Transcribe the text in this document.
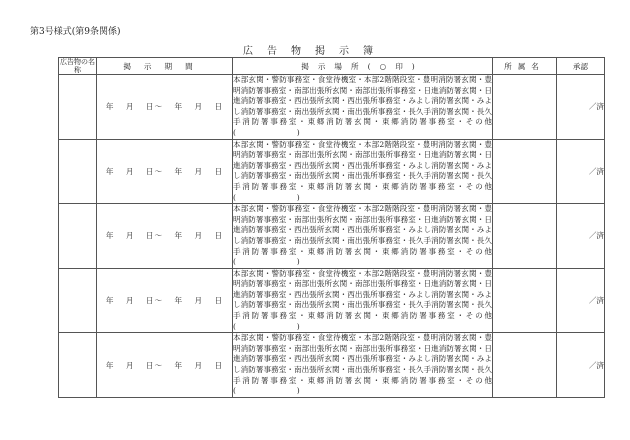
第3号様式(第9条関係)
広告物掲示簿
広告物の名称	掲示期間	掲示場所(○印)	所属名	承認
	年 月 日〜 年 月 日	本部玄関・警防事務室・食堂待機室・本部2階階段室・豊明消防署玄関・豊明消防署事務室・南部出張所玄関・南部出張所事務室・日進消防署玄関・日進消防署事務室・西出張所玄関・西出張所事務室・みよし消防署玄関・みよし消防署事務室・南出張所玄関・南出張所事務室・長久手消防署玄関・長久手消防署事務室・東郷消防署玄関・東郷消防署事務室・その他(　　　　　　　　)		／済
	年 月 日〜 年 月 日	本部玄関・警防事務室・食堂待機室・本部2階階段室・豊明消防署玄関・豊明消防署事務室・南部出張所玄関・南部出張所事務室・日進消防署玄関・日進消防署事務室・西出張所玄関・西出張所事務室・みよし消防署玄関・みよし消防署事務室・南出張所玄関・南出張所事務室・長久手消防署玄関・長久手消防署事務室・東郷消防署玄関・東郷消防署事務室・その他(　　　　　　　　)		／済
	年 月 日〜 年 月 日	本部玄関・警防事務室・食堂待機室・本部2階階段室・豊明消防署玄関・豊明消防署事務室・南部出張所玄関・南部出張所事務室・日進消防署玄関・日進消防署事務室・西出張所玄関・西出張所事務室・みよし消防署玄関・みよし消防署事務室・南出張所玄関・南出張所事務室・長久手消防署玄関・長久手消防署事務室・東郷消防署玄関・東郷消防署事務室・その他(　　　　　　　　)		／済
	年 月 日〜 年 月 日	本部玄関・警防事務室・食堂待機室・本部2階階段室・豊明消防署玄関・豊明消防署事務室・南部出張所玄関・南部出張所事務室・日進消防署玄関・日進消防署事務室・西出張所玄関・西出張所事務室・みよし消防署玄関・みよし消防署事務室・南出張所玄関・南出張所事務室・長久手消防署玄関・長久手消防署事務室・東郷消防署玄関・東郷消防署事務室・その他(　　　　　　　　)		／済
	年 月 日〜 年 月 日	本部玄関・警防事務室・食堂待機室・本部2階階段室・豊明消防署玄関・豊明消防署事務室・南部出張所玄関・南部出張所事務室・日進消防署玄関・日進消防署事務室・西出張所玄関・西出張所事務室・みよし消防署玄関・みよし消防署事務室・南出張所玄関・南出張所事務室・長久手消防署玄関・長久手消防署事務室・東郷消防署玄関・東郷消防署事務室・その他(　　　　　　　　)		／済
